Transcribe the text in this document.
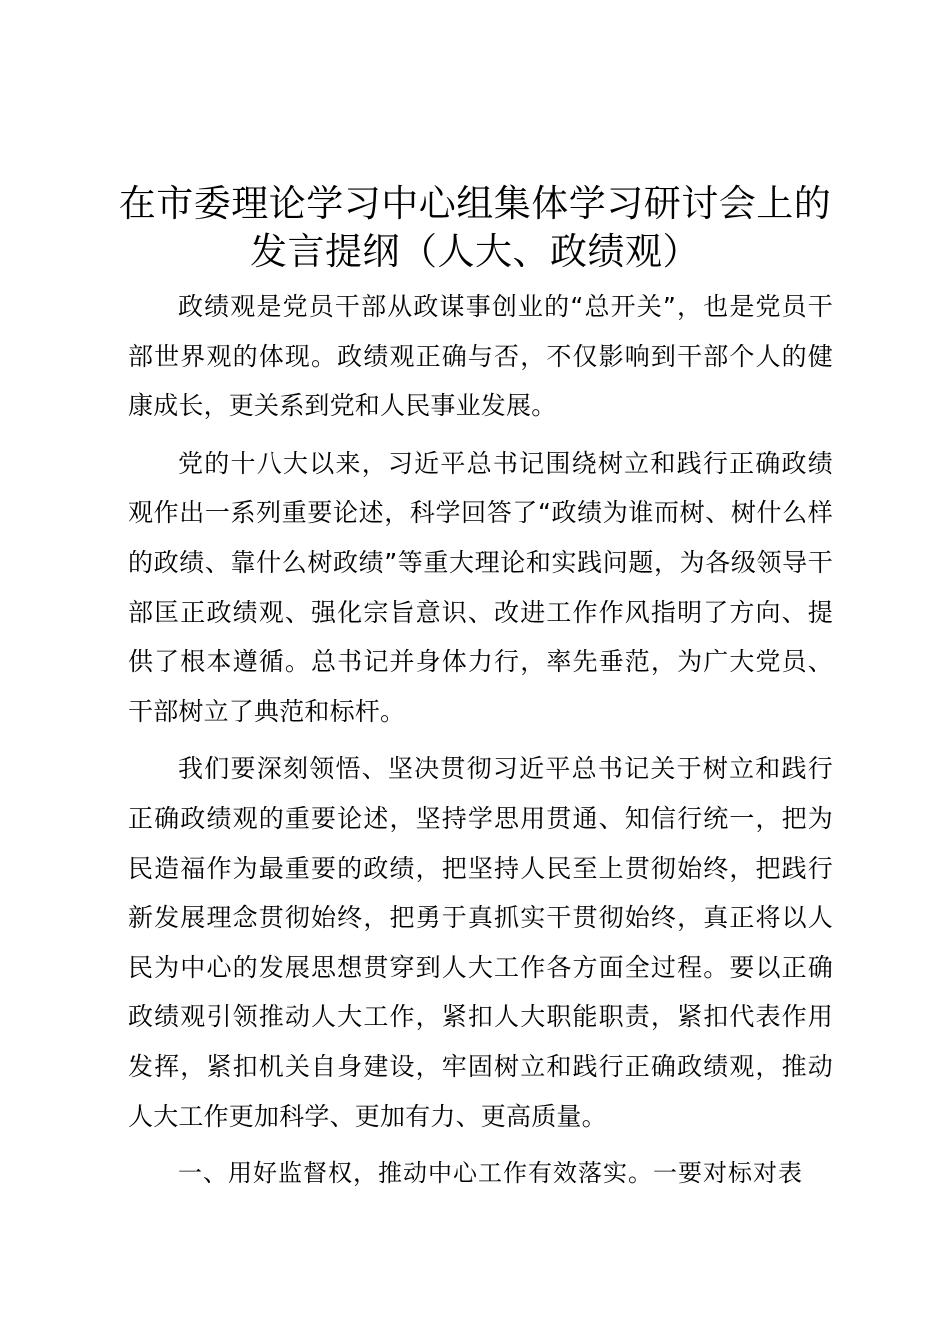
在市委理论学习中心组集体学习研讨会上的发言提纲（人大、政绩观）

政绩观是党员干部从政谋事创业的“总开关”，也是党员干部世界观的体现。政绩观正确与否，不仅影响到干部个人的健康成长，更关系到党和人民事业发展。

党的十八大以来，习近平总书记围绕树立和践行正确政绩观作出一系列重要论述，科学回答了“政绩为谁而树、树什么样的政绩、靠什么树政绩”等重大理论和实践问题，为各级领导干部匡正政绩观、强化宗旨意识、改进工作作风指明了方向、提供了根本遵循。总书记并身体力行，率先垂范，为广大党员、干部树立了典范和标杆。

我们要深刻领悟、坚决贯彻习近平总书记关于树立和践行正确政绩观的重要论述，坚持学思用贯通、知信行统一，把为民造福作为最重要的政绩，把坚持人民至上贯彻始终，把践行新发展理念贯彻始终，把勇于真抓实干贯彻始终，真正将以人民为中心的发展思想贯穿到人大工作各方面全过程。要以正确政绩观引领推动人大工作，紧扣人大职能职责，紧扣代表作用发挥，紧扣机关自身建设，牢固树立和践行正确政绩观，推动人大工作更加科学、更加有力、更高质量。

一、用好监督权，推动中心工作有效落实。一要对标对表
